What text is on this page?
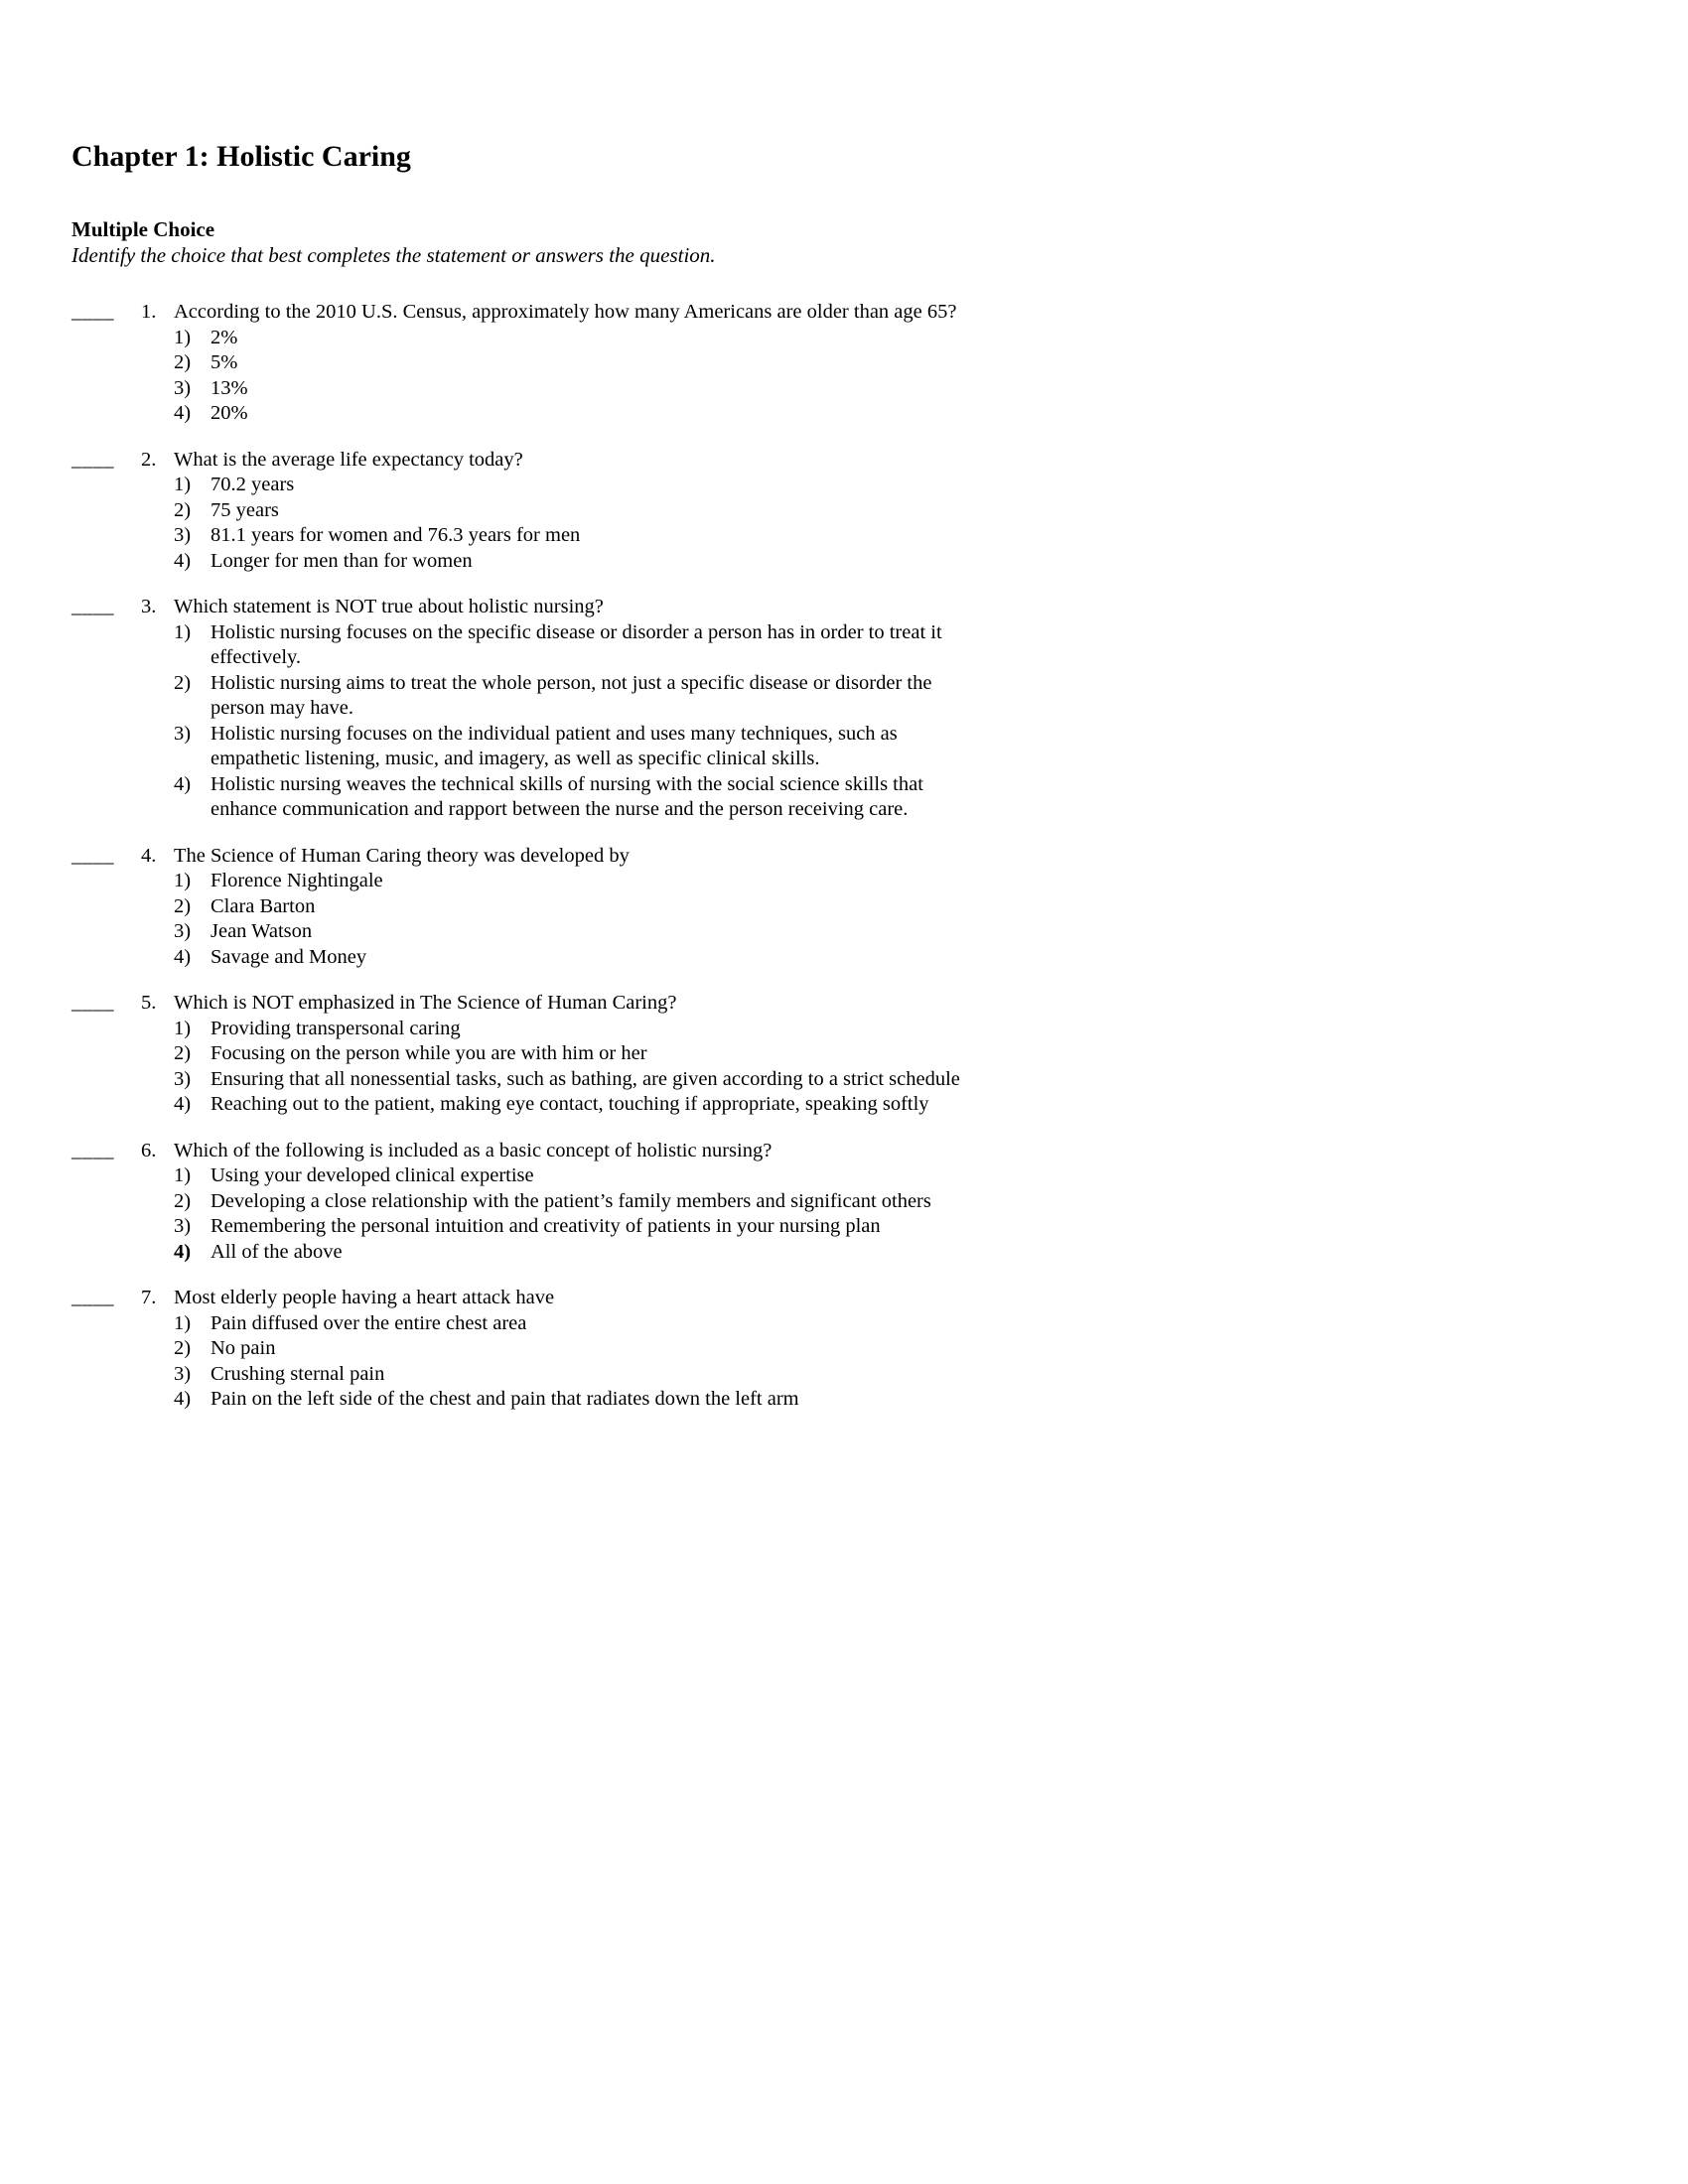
Chapter 1: Holistic Caring

Multiple Choice

Identify the choice that best completes the statement or answers the question.

____	1. According to the 2010 U.S. Census, approximately how many Americans are older than age 65?
1) 2%
2) 5%
3) 13%
4) 20%
____	2. What is the average life expectancy today?
1) 70.2 years
2) 75 years
3) 81.1 years for women and 76.3 years for men
4) Longer for men than for women
____	3. Which statement is NOT true about holistic nursing?
1) Holistic nursing focuses on the specific disease or disorder a person has in order to treat it effectively.
2) Holistic nursing aims to treat the whole person, not just a specific disease or disorder the person may have.
3) Holistic nursing focuses on the individual patient and uses many techniques, such as empathetic listening, music, and imagery, as well as specific clinical skills.
4) Holistic nursing weaves the technical skills of nursing with the social science skills that enhance communication and rapport between the nurse and the person receiving care.
____	4. The Science of Human Caring theory was developed by
1) Florence Nightingale
2) Clara Barton
3) Jean Watson
4) Savage and Money
____	5. Which is NOT emphasized in The Science of Human Caring?
1) Providing transpersonal caring
2) Focusing on the person while you are with him or her
3) Ensuring that all nonessential tasks, such as bathing, are given according to a strict schedule
4) Reaching out to the patient, making eye contact, touching if appropriate, speaking softly
____	6. Which of the following is included as a basic concept of holistic nursing?
1) Using your developed clinical expertise
2) Developing a close relationship with the patient’s family members and significant others
3) Remembering the personal intuition and creativity of patients in your nursing plan
4) All of the above
____	7. Most elderly people having a heart attack have
1) Pain diffused over the entire chest area
2) No pain
3) Crushing sternal pain
4) Pain on the left side of the chest and pain that radiates down the left arm
